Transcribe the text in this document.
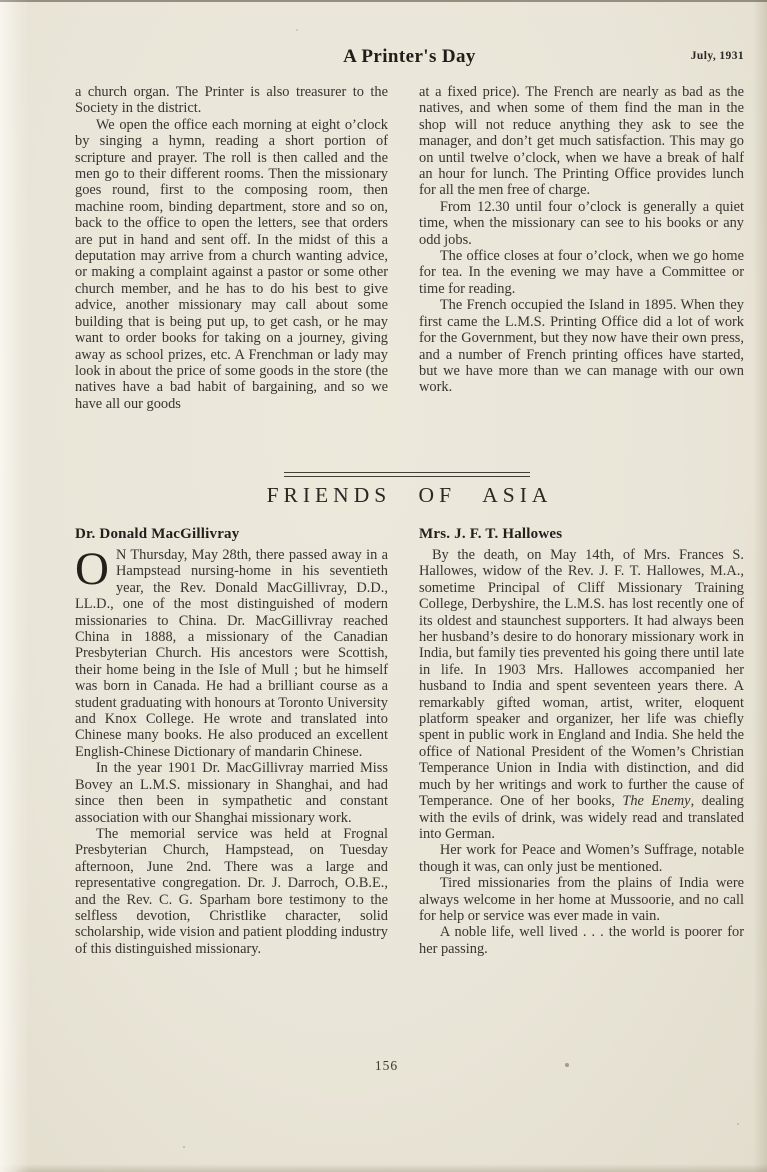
A Printer's Day	July, 1931

a church organ. The Printer is also treasurer to the Society in the district.

We open the office each morning at eight o’clock by singing a hymn, reading a short portion of scripture and prayer. The roll is then called and the men go to their different rooms. Then the missionary goes round, first to the composing room, then machine room, binding department, store and so on, back to the office to open the letters, see that orders are put in hand and sent off. In the midst of this a deputation may arrive from a church wanting advice, or making a complaint against a pastor or some other church member, and he has to do his best to give advice, another missionary may call about some building that is being put up, to get cash, or he may want to order books for taking on a journey, giving away as school prizes, etc. A Frenchman or lady may look in about the price of some goods in the store (the natives have a bad habit of bargaining, and so we have all our goods

at a fixed price). The French are nearly as bad as the natives, and when some of them find the man in the shop will not reduce anything they ask to see the manager, and don’t get much satisfaction. This may go on until twelve o’clock, when we have a break of half an hour for lunch. The Printing Office provides lunch for all the men free of charge.

From 12.30 until four o’clock is generally a quiet time, when the missionary can see to his books or any odd jobs.

The office closes at four o’clock, when we go home for tea. In the evening we may have a Committee or time for reading.

The French occupied the Island in 1895. When they first came the L.M.S. Printing Office did a lot of work for the Government, but they now have their own press, and a number of French printing offices have started, but we have more than we can manage with our own work.

FRIENDS OF ASIA
Dr. Donald MacGillivray

O N Thursday, May 28th, there passed away in a Hampstead nursing-home in his seventieth year, the Rev. Donald MacGillivray, D.D., LL.D., one of the most distinguished of modern missionaries to China. Dr. MacGillivray reached China in 1888, a missionary of the Canadian Presbyterian Church. His ancestors were Scottish, their home being in the Isle of Mull ; but he himself was born in Canada. He had a brilliant course as a student graduating with honours at Toronto University and Knox College. He wrote and translated into Chinese many books. He also produced an excellent English-Chinese Dictionary of mandarin Chinese.

In the year 1901 Dr. MacGillivray married Miss Bovey an L.M.S. missionary in Shanghai, and had since then been in sympathetic and constant association with our Shanghai missionary work.

The memorial service was held at Frognal Presbyterian Church, Hampstead, on Tuesday afternoon, June 2nd. There was a large and representative congregation. Dr. J. Darroch, O.B.E., and the Rev. C. G. Sparham bore testimony to the selfless devotion, Christlike character, solid scholarship, wide vision and patient plodding industry of this distinguished missionary.

Mrs. J. F. T. Hallowes

By the death, on May 14th, of Mrs. Frances S. Hallowes, widow of the Rev. J. F. T. Hallowes, M.A., sometime Principal of Cliff Missionary Training College, Derbyshire, the L.M.S. has lost recently one of its oldest and staunchest supporters. It had always been her husband’s desire to do honorary missionary work in India, but family ties prevented his going there until late in life. In 1903 Mrs. Hallowes accompanied her husband to India and spent seventeen years there. A remarkably gifted woman, artist, writer, eloquent platform speaker and organizer, her life was chiefly spent in public work in England and India. She held the office of National President of the Women’s Christian Temperance Union in India with distinction, and did much by her writings and work to further the cause of Temperance. One of her books, The Enemy, dealing with the evils of drink, was widely read and translated into German.

Her work for Peace and Women’s Suffrage, notable though it was, can only just be mentioned.

Tired missionaries from the plains of India were always welcome in her home at Mussoorie, and no call for help or service was ever made in vain.

A noble life, well lived . . . the world is poorer for her passing.

156
